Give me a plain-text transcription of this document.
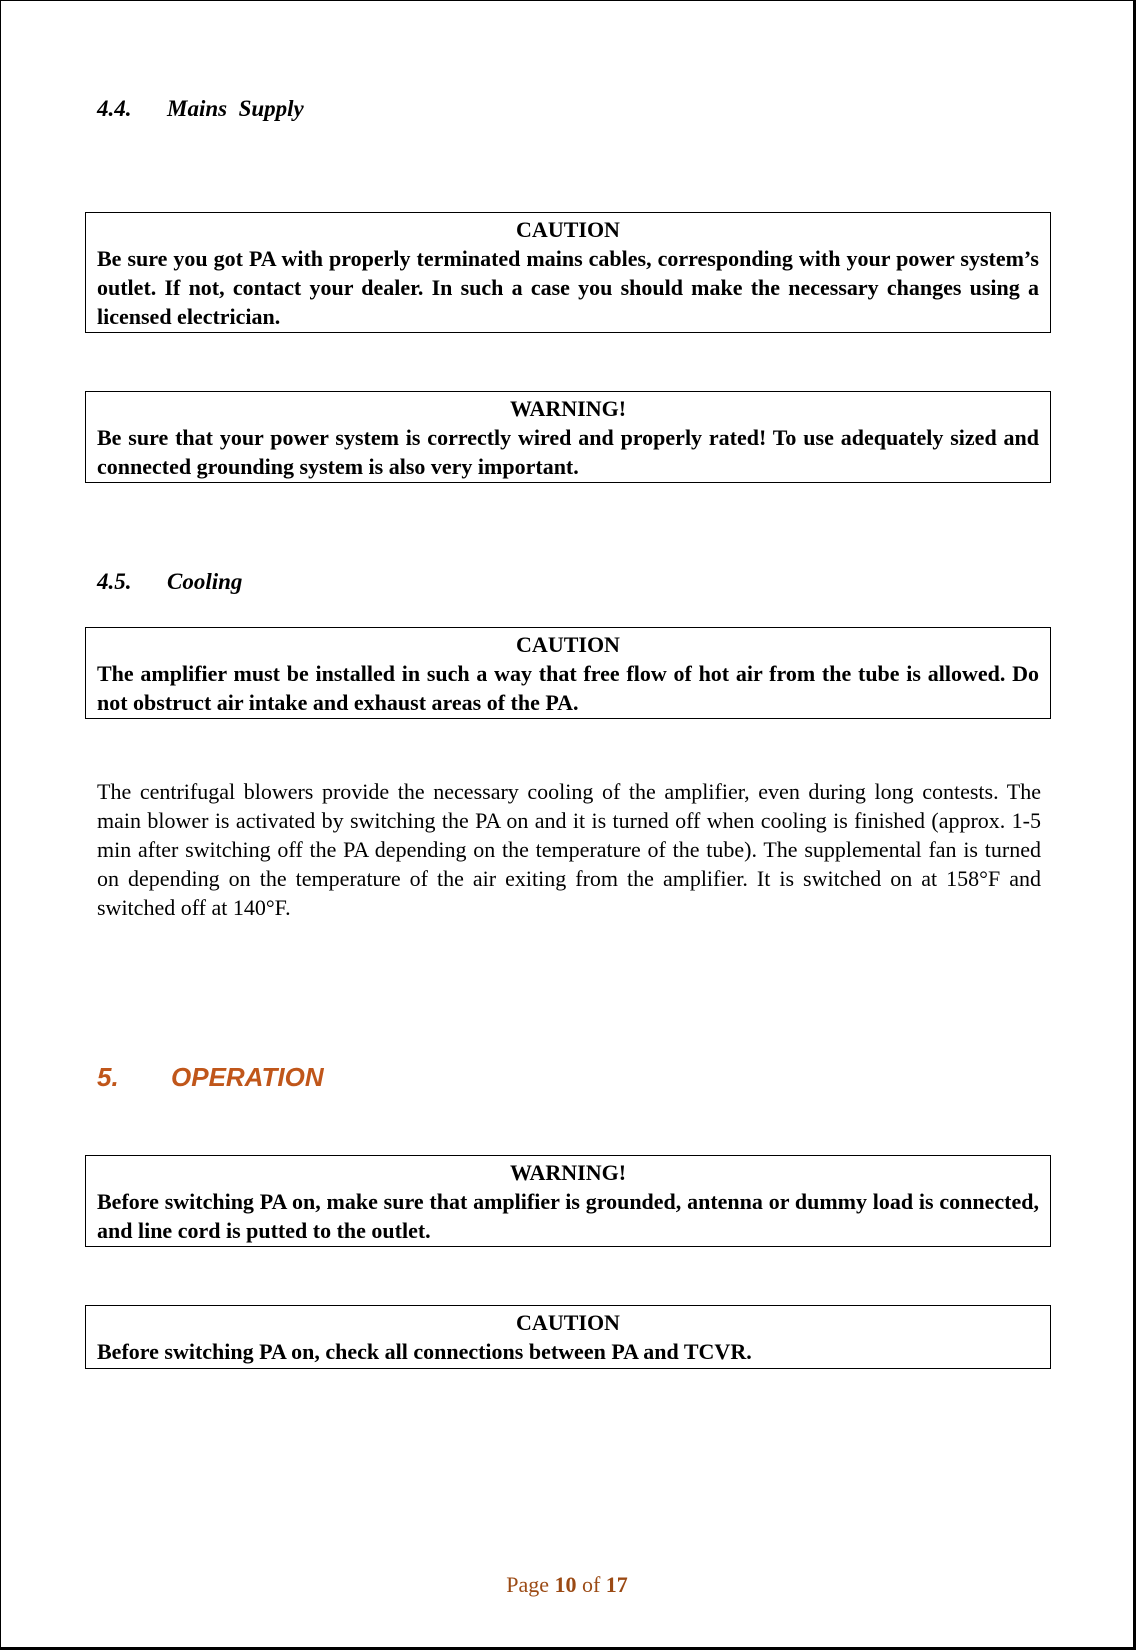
4.4. Mains  Supply
CAUTION
Be sure you got PA with properly terminated mains cables, corresponding with your power system’s outlet. If not, contact your dealer. In such a case you should make the necessary changes using a licensed electrician.
WARNING!
Be sure that your power system is correctly wired and properly rated! To use adequately sized and connected grounding system is also very important.
4.5. Cooling
CAUTION
The amplifier must be installed in such a way that free flow of hot air from the tube is allowed. Do not obstruct air intake and exhaust areas of the PA.
The centrifugal blowers provide the necessary cooling of the amplifier, even during long contests. The main blower is activated by switching the PA on and it is turned off when cooling is finished (approx. 1-5 min after switching off the PA depending on the temperature of the tube). The supplemental fan is turned on depending on the temperature of the air exiting from the amplifier. It is switched on at 158°F and switched off at 140°F.
5. OPERATION
WARNING!
Before switching PA on, make sure that amplifier is grounded, antenna or dummy load is connected, and line cord is putted to the outlet.
CAUTION
Before switching PA on, check all connections between PA and TCVR.
Page 10 of 17
